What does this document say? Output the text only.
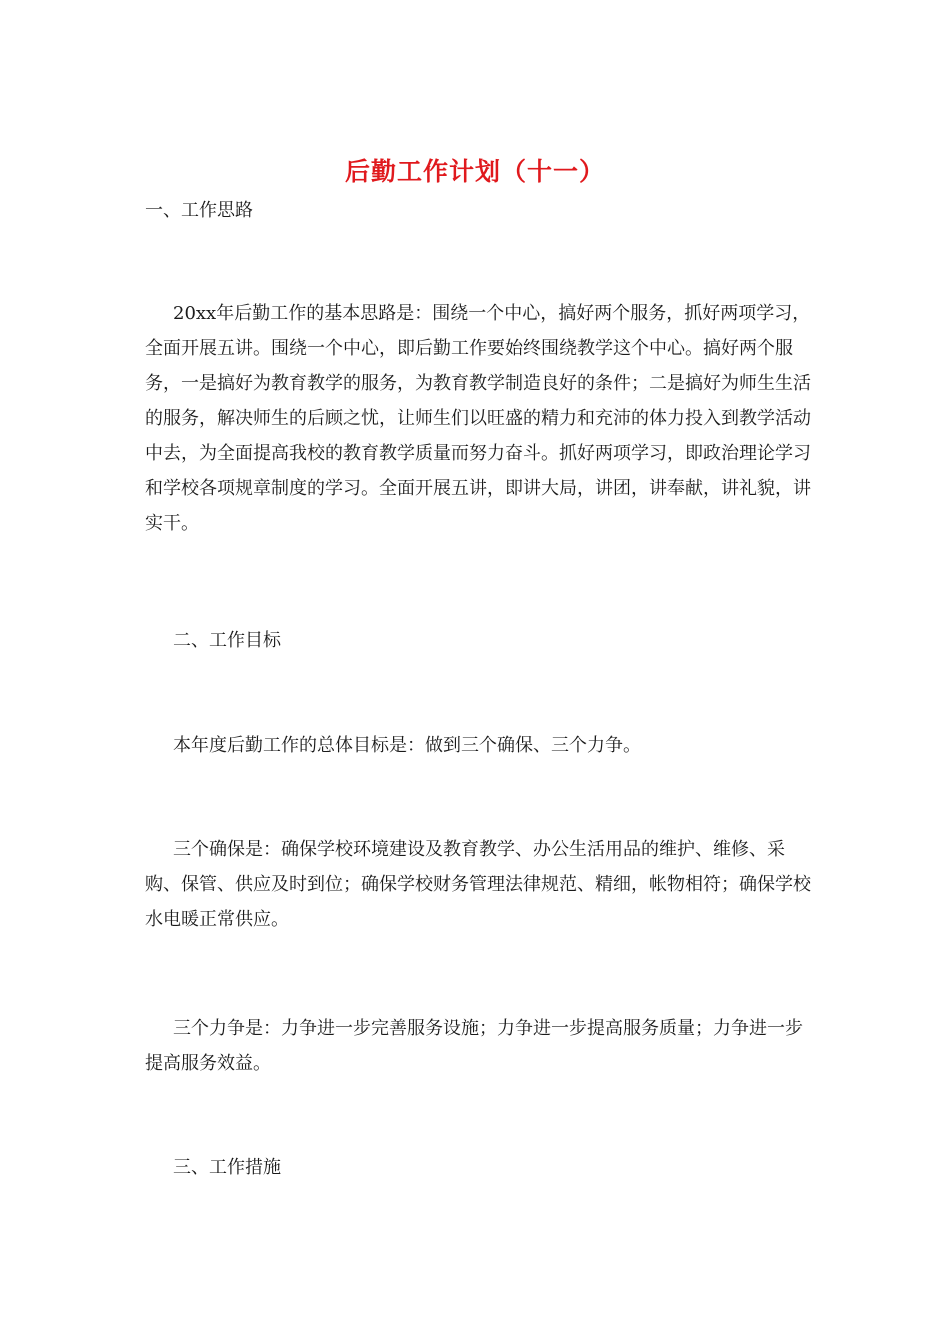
后勤工作计划（十一）

一、工作思路

20xx年后勤工作的基本思路是：围绕一个中心，搞好两个服务，抓好两项学习，全面开展五讲。围绕一个中心，即后勤工作要始终围绕教学这个中心。搞好两个服务，一是搞好为教育教学的服务，为教育教学制造良好的条件；二是搞好为师生生活的服务，解决师生的后顾之忧，让师生们以旺盛的精力和充沛的体力投入到教学活动中去，为全面提高我校的教育教学质量而努力奋斗。抓好两项学习，即政治理论学习和学校各项规章制度的学习。全面开展五讲，即讲大局，讲团，讲奉献，讲礼貌，讲实干。

二、工作目标

本年度后勤工作的总体目标是：做到三个确保、三个力争。

三个确保是：确保学校环境建设及教育教学、办公生活用品的维护、维修、采购、保管、供应及时到位；确保学校财务管理法律规范、精细，帐物相符；确保学校水电暖正常供应。

三个力争是：力争进一步完善服务设施；力争进一步提高服务质量；力争进一步提高服务效益。

三、工作措施
